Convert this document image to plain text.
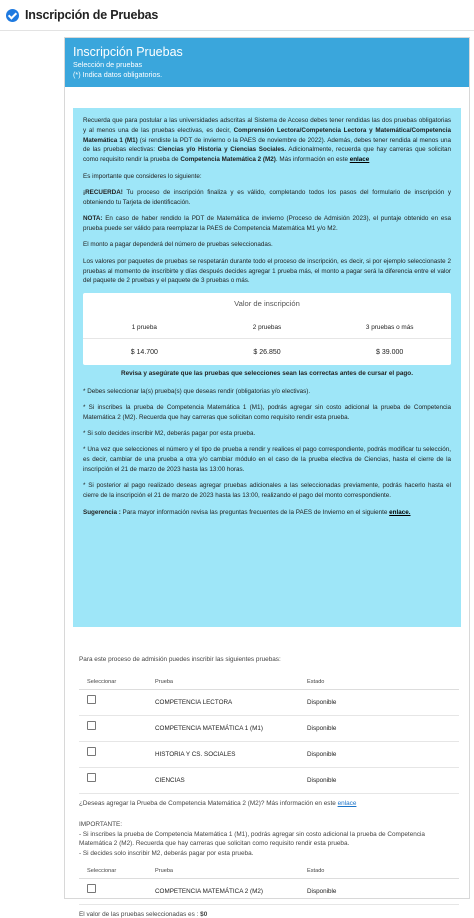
Inscripción de Pruebas
Inscripción Pruebas
Selección de pruebas
(*) Indica datos obligatorios.

Recuerda que para postular a las universidades adscritas al Sistema de Acceso debes tener rendidas las dos pruebas obligatorias y al menos una de las pruebas electivas, es decir, Comprensión Lectora/Competencia Lectora y Matemática/Competencia Matemática 1 (M1) (si rendiste la PDT de invierno o la PAES de noviembre de 2022). Además, debes tener rendida al menos una de las pruebas electivas: Ciencias y/o Historia y Ciencias Sociales. Adicionalmente, recuerda que hay carreras que solicitan como requisito rendir la prueba de Competencia Matemática 2 (M2). Más información en este enlace

Es importante que consideres lo siguiente:

¡RECUERDA! Tu proceso de inscripción finaliza y es válido, completando todos los pasos del formulario de inscripción y obteniendo tu Tarjeta de identificación.

NOTA: En caso de haber rendido la PDT de Matemática de invierno (Proceso de Admisión 2023), el puntaje obtenido en esa prueba puede ser válido para reemplazar la PAES de Competencia Matemática M1 y/o M2.

El monto a pagar dependerá del número de pruebas seleccionadas.

Los valores por paquetes de pruebas se respetarán durante todo el proceso de inscripción, es decir, si por ejemplo seleccionaste 2 pruebas al momento de inscribirte y días después decides agregar 1 prueba más, el monto a pagar será la diferencia entre el valor del paquete de 2 pruebas y el paquete de 3 pruebas o más.

Valor de inscripción
1 prueba	2 pruebas	3 pruebas o más
$ 14.700	$ 26.850	$ 39.000
Revisa y asegúrate que las pruebas que selecciones sean las correctas antes de cursar el pago.

* Debes seleccionar la(s) prueba(s) que deseas rendir (obligatorias y/o electivas).

* Si inscribes la prueba de Competencia Matemática 1 (M1), podrás agregar sin costo adicional la prueba de Competencia Matemática 2 (M2). Recuerda que hay carreras que solicitan como requisito rendir esta prueba.

* Si solo decides inscribir M2, deberás pagar por esta prueba.

* Una vez que selecciones el número y el tipo de prueba a rendir y realices el pago correspondiente, podrás modificar tu selección, es decir, cambiar de una prueba a otra y/o cambiar módulo en el caso de la prueba electiva de Ciencias, hasta el cierre de la inscripción el 21 de marzo de 2023 hasta las 13:00 horas.

* Si posterior al pago realizado deseas agregar pruebas adicionales a las seleccionadas previamente, podrás hacerlo hasta el cierre de la inscripción el 21 de marzo de 2023 hasta las 13:00, realizando el pago del monto correspondiente.

Sugerencia : Para mayor información revisa las preguntas frecuentes de la PAES de Invierno en el siguiente enlace.

Para este proceso de admisión puedes inscribir las siguientes pruebas:
Seleccionar	Prueba	Estado
COMPETENCIA LECTORA	Disponible
COMPETENCIA MATEMÁTICA 1 (M1)	Disponible
HISTORIA Y CS. SOCIALES	Disponible
CIENCIAS	Disponible
¿Deseas agregar la Prueba de Competencia Matemática 2 (M2)? Más información en este enlace
IMPORTANTE:
- Si inscribes la prueba de Competencia Matemática 1 (M1), podrás agregar sin costo adicional la prueba de Competencia Matemática 2 (M2). Recuerda que hay carreras que solicitan como requisito rendir esta prueba.
- Si decides solo inscribir M2, deberás pagar por esta prueba.
Seleccionar	Prueba	Estado
COMPETENCIA MATEMÁTICA 2 (M2)	Disponible
El valor de las pruebas seleccionadas es : $0
